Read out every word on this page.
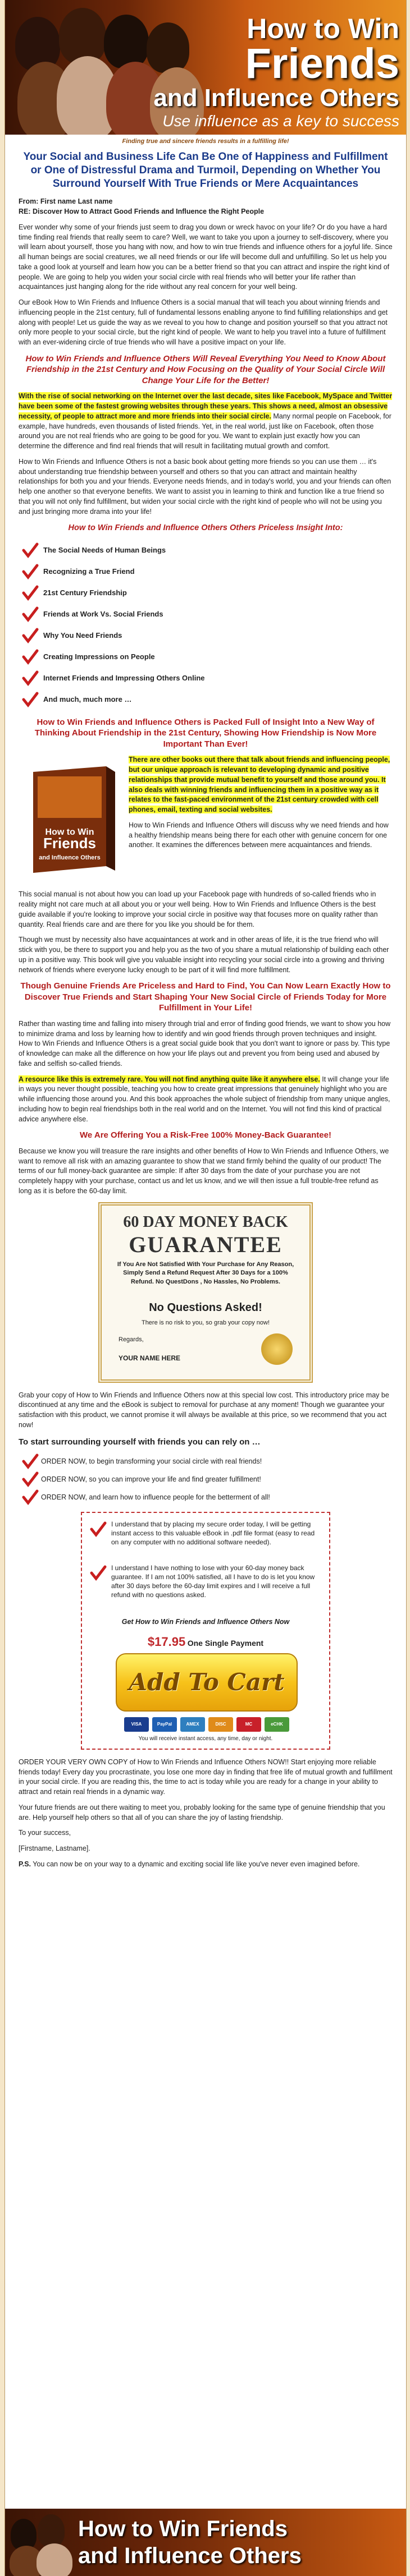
How to Win
Friends
and Influence Others
Use influence as a key to success
Finding true and sincere friends results in a fulfilling life!
Your Social and Business Life Can Be One of Happiness and Fulfillment or One of Distressful Drama and Turmoil, Depending on Whether You Surround Yourself With True Friends or Mere Acquaintances
From: First name Last name
RE: Discover How to Attract Good Friends and Influence the Right People

Ever wonder why some of your friends just seem to drag you down or wreck havoc on your life? Or do you have a hard time finding real friends that really seem to care? Well, we want to take you upon a journey to self-discovery, where you will learn about yourself, those you hang with now, and how to win true friends and influence others for a joyful life. Since all human beings are social creatures, we all need friends or our life will become dull and unfulfilling. So let us help you take a good look at yourself and learn how you can be a better friend so that you can attract and inspire the right kind of people. We are going to help you widen your social circle with real friends who will better your life rather than acquaintances just hanging along for the ride without any real concern for your well being.

Our eBook How to Win Friends and Influence Others is a social manual that will teach you about winning friends and influencing people in the 21st century, full of fundamental lessons enabling anyone to find fulfilling relationships and get along with people! Let us guide the way as we reveal to you how to change and position yourself so that you attract not only more people to your social circle, but the right kind of people. We want to help you travel into a future of fulfillment with an ever-widening circle of true friends who will have a positive impact on your life.

How to Win Friends and Influence Others Will Reveal Everything You Need to Know About Friendship in the 21st Century and How Focusing on the Quality of Your Social Circle Will Change Your Life for the Better!

With the rise of social networking on the Internet over the last decade, sites like Facebook, MySpace and Twitter have been some of the fastest growing websites through these years. This shows a need, almost an obsessive necessity, of people to attract more and more friends into their social circle. Many normal people on Facebook, for example, have hundreds, even thousands of listed friends. Yet, in the real world, just like on Facebook, often those around you are not real friends who are going to be good for you. We want to explain just exactly how you can determine the difference and find real friends that will result in facilitating mutual growth and comfort.

How to Win Friends and Influence Others is not a basic book about getting more friends so you can use them … it's about understanding true friendship between yourself and others so that you can attract and maintain healthy relationships for both you and your friends. Everyone needs friends, and in today's world, you and your friends can often help one another so that everyone benefits. We want to assist you in learning to think and function like a true friend so that you will not only find fulfillment, but widen your social circle with the right kind of people who will not be using you and just bringing more drama into your life!

How to Win Friends and Influence Others Others Priceless Insight Into:
The Social Needs of Human Beings
Recognizing a True Friend
21st Century Friendship
Friends at Work Vs. Social Friends
Why You Need Friends
Creating Impressions on People
Internet Friends and Impressing Others Online
And much, much more …
How to Win Friends and Influence Others is Packed Full of Insight Into a New Way of Thinking About Friendship in the 21st Century, Showing How Friendship is Now More Important Than Ever!
How to Win
Friends
and Influence Others

There are other books out there that talk about friends and influencing people, but our unique approach is relevant to developing dynamic and positive relationships that provide mutual benefit to yourself and those around you. It also deals with winning friends and influencing them in a positive way as it relates to the fast-paced environment of the 21st century crowded with cell phones, email, texting and social websites.

How to Win Friends and Influence Others will discuss why we need friends and how a healthy friendship means being there for each other with genuine concern for one another. It examines the differences between mere acquaintances and friends.

This social manual is not about how you can load up your Facebook page with hundreds of so-called friends who in reality might not care much at all about you or your well being. How to Win Friends and Influence Others is the best guide available if you're looking to improve your social circle in positive way that focuses more on quality rather than quantity. Real friends care and are there for you like you should be for them.

Though we must by necessity also have acquaintances at work and in other areas of life, it is the true friend who will stick with you, be there to support you and help you as the two of you share a mutual relationship of building each other up in a positive way. This book will give you valuable insight into recycling your social circle into a growing and thriving network of friends where everyone lucky enough to be part of it will find more fulfillment.

Though Genuine Friends Are Priceless and Hard to Find, You Can Now Learn Exactly How to Discover True Friends and Start Shaping Your New Social Circle of Friends Today for More Fulfillment in Your Life!

Rather than wasting time and falling into misery through trial and error of finding good friends, we want to show you how to minimize drama and loss by learning how to identify and win good friends through proven techniques and insight. How to Win Friends and Influence Others is a great social guide book that you don't want to ignore or pass by. This type of knowledge can make all the difference on how your life plays out and prevent you from being used and abused by fake and selfish so-called friends.

A resource like this is extremely rare. You will not find anything quite like it anywhere else. It will change your life in ways you never thought possible, teaching you how to create great impressions that genuinely highlight who you are while influencing those around you. And this book approaches the whole subject of friendship from many unique angles, including how to begin real friendships both in the real world and on the Internet. You will not find this kind of practical advice anywhere else.

We Are Offering You a Risk-Free 100% Money-Back Guarantee!

Because we know you will treasure the rare insights and other benefits of How to Win Friends and Influence Others, we want to remove all risk with an amazing guarantee to show that we stand firmly behind the quality of our product! The terms of our full money-back guarantee are simple: If after 30 days from the date of your purchase you are not completely happy with your purchase, contact us and let us know, and we will then issue a full trouble-free refund as long as it is before the 60-day limit.

60 DAY MONEY BACK
GUARANTEE
If You Are Not Satisfied With Your Purchase for Any Reason, Simply Send a Refund Request After 30 Days for a 100% Refund. No QuestDons , No Hassles, No Problems.
No Questions Asked!
There is no risk to you, so grab your copy now!
Regards,
YOUR NAME HERE

Grab your copy of How to Win Friends and Influence Others now at this special low cost. This introductory price may be discontinued at any time and the eBook is subject to removal for purchase at any moment! Though we guarantee your satisfaction with this product, we cannot promise it will always be available at this price, so we recommend that you act now!

To start surrounding yourself with friends you can rely on …
ORDER NOW, to begin transforming your social circle with real friends!
ORDER NOW, so you can improve your life and find greater fulfillment!
ORDER NOW, and learn how to influence people for the betterment of all!
I understand that by placing my secure order today, I will be getting instant access to this valuable eBook in .pdf file format (easy to read on any computer with no additional software needed).
I understand I have nothing to lose with your 60-day money back guarantee. If I am not 100% satisfied, all I have to do is let you know after 30 days before the 60-day limit expires and I will receive a full refund with no questions asked.
Get How to Win Friends and Influence Others Now
$17.95 One Single Payment
Add To Cart
VISA	PayPal	AMEX	DISC	MC	eCHK
You will receive instant access, any time, day or night.

ORDER YOUR VERY OWN COPY of How to Win Friends and Influence Others NOW!! Start enjoying more reliable friends today! Every day you procrastinate, you lose one more day in finding that free life of mutual growth and fulfillment in your social circle. If you are reading this, the time to act is today while you are ready for a change in your ability to attract and retain real friends in a dynamic way.

Your future friends are out there waiting to meet you, probably looking for the same type of genuine friendship that you are. Help yourself help others so that all of you can share the joy of lasting friendship.

To your success,

[Firstname, Lastname].

P.S. You can now be on your way to a dynamic and exciting social life like you've never even imagined before.

How to Win Friends
and Influence Others
